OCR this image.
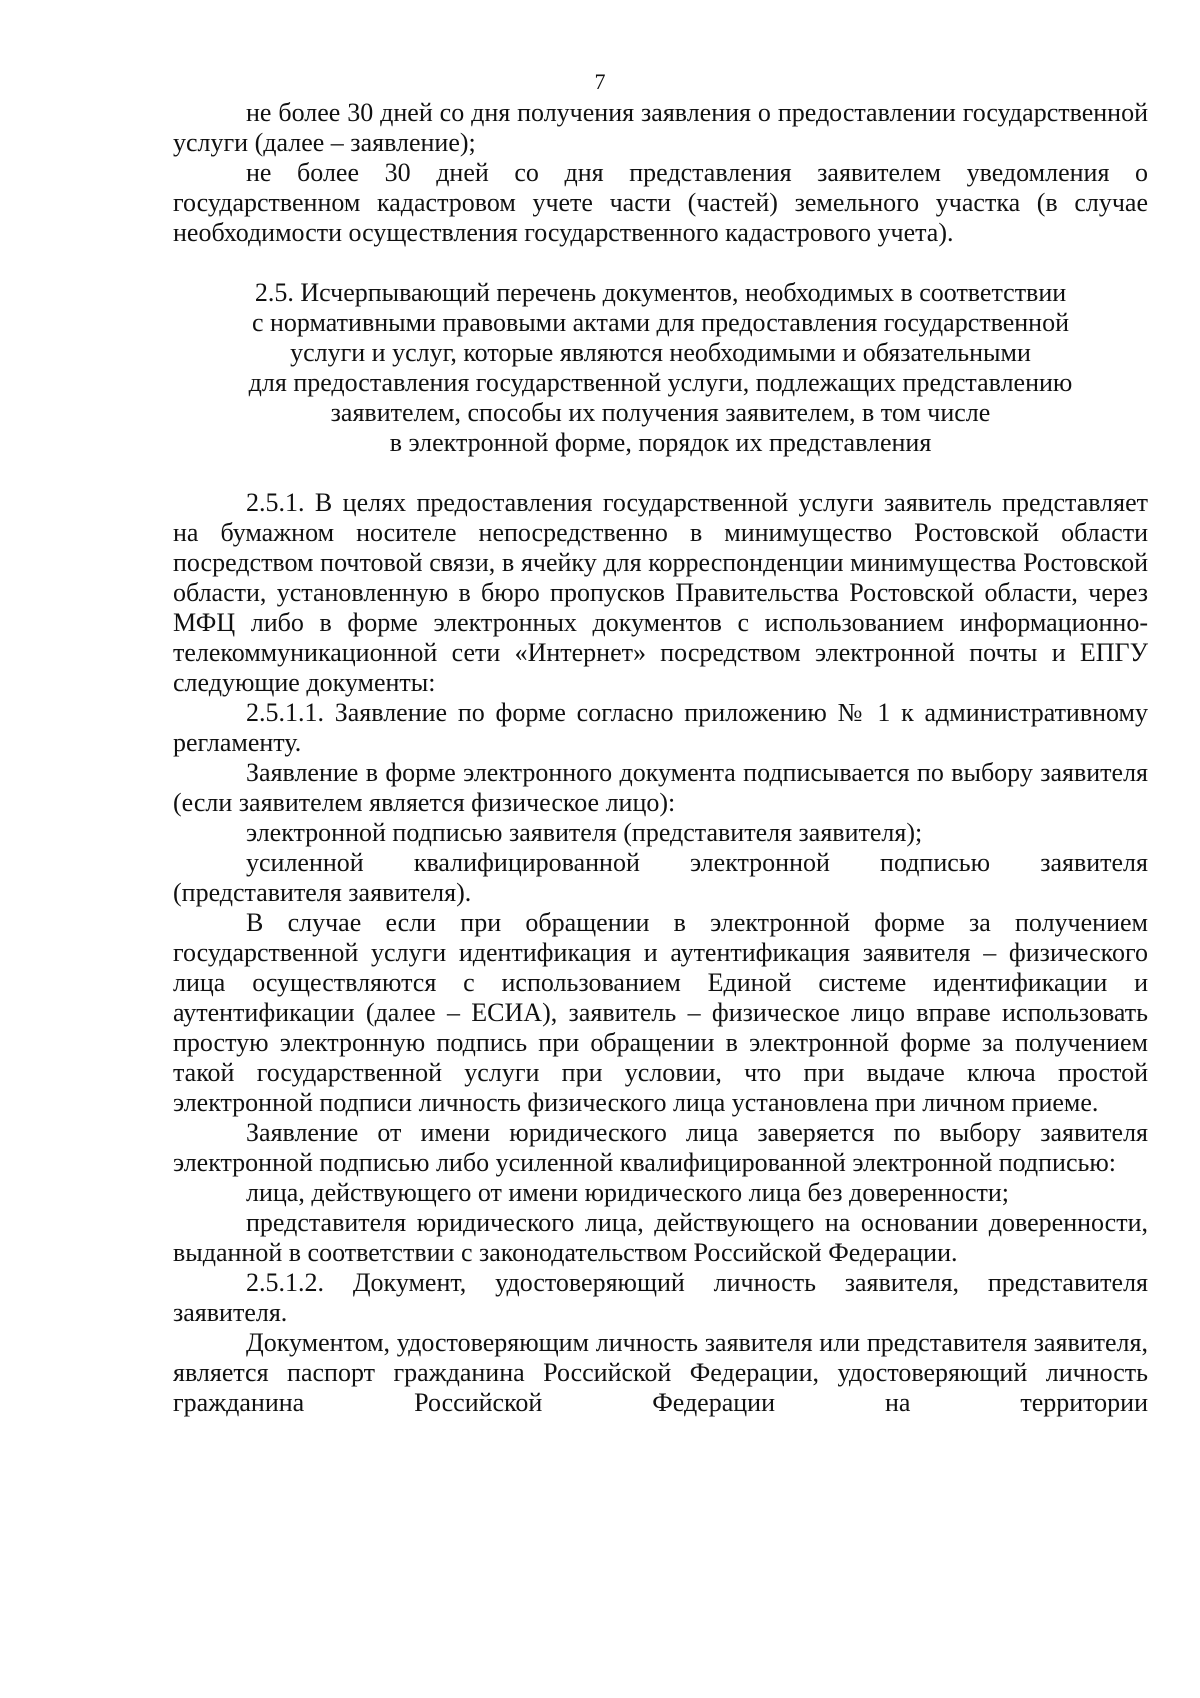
7

не более 30 дней со дня получения заявления о предоставлении государственной услуги (далее – заявление);

не более 30 дней со дня представления заявителем уведомления о государственном кадастровом учете части (частей) земельного участка (в случае необходимости осуществления государственного кадастрового учета).

2.5. Исчерпывающий перечень документов, необходимых в соответствии
с нормативными правовыми актами для предоставления государственной
услуги и услуг, которые являются необходимыми и обязательными
для предоставления государственной услуги, подлежащих представлению
заявителем, способы их получения заявителем, в том числе
в электронной форме, порядок их представления

2.5.1. В целях предоставления государственной услуги заявитель представляет на бумажном носителе непосредственно в минимущество Ростовской области посредством почтовой связи, в ячейку для корреспонденции минимущества Ростовской области, установленную в бюро пропусков Правительства Ростовской области, через МФЦ либо в форме электронных документов с использованием информационно-телекоммуникационной сети «Интернет» посредством электронной почты и ЕПГУ следующие документы:

2.5.1.1. Заявление по форме согласно приложению № 1 к административному регламенту.

Заявление в форме электронного документа подписывается по выбору заявителя (если заявителем является физическое лицо):

электронной подписью заявителя (представителя заявителя);

усиленной квалифицированной электронной подписью заявителя (представителя заявителя).

В случае если при обращении в электронной форме за получением государственной услуги идентификация и аутентификация заявителя – физического лица осуществляются с использованием Единой системе идентификации и аутентификации (далее – ЕСИА), заявитель – физическое лицо вправе использовать простую электронную подпись при обращении в электронной форме за получением такой государственной услуги при условии, что при выдаче ключа простой электронной подписи личность физического лица установлена при личном приеме.

Заявление от имени юридического лица заверяется по выбору заявителя электронной подписью либо усиленной квалифицированной электронной подписью:

лица, действующего от имени юридического лица без доверенности;

представителя юридического лица, действующего на основании доверенности, выданной в соответствии с законодательством Российской Федерации.

2.5.1.2. Документ, удостоверяющий личность заявителя, представителя заявителя.

Документом, удостоверяющим личность заявителя или представителя заявителя, является паспорт гражданина Российской Федерации, удостоверяющий личность гражданина Российской Федерации на территории
